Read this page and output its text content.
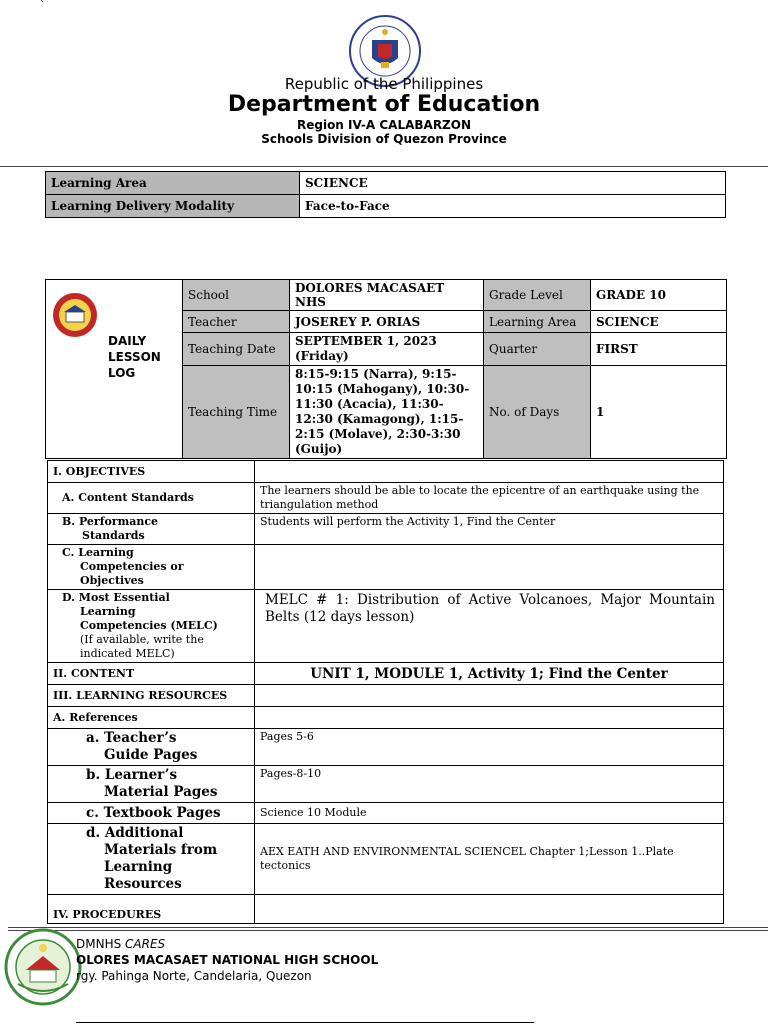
`
Republic of the Philippines
Department of Education
Region IV-A CALABARZON
Schools Division of Quezon Province
Learning Area	SCIENCE
Learning Delivery Modality	Face-to-Face
DAILY
LESSON
LOG	School	DOLORES MACASAET NHS	Grade Level	GRADE 10
	Teacher	JOSEREY P. ORIAS	Learning Area	SCIENCE
	Teaching Date	SEPTEMBER 1, 2023 (Friday)	Quarter	FIRST
	Teaching Time	8:15-9:15 (Narra), 9:15-10:15 (Mahogany), 10:30-11:30 (Acacia), 11:30-12:30 (Kamagong), 1:15-2:15 (Molave), 2:30-3:30 (Guijo)	No. of Days	1
I. OBJECTIVES	
A. Content Standards	The learners should be able to locate the epicentre of an earthquake using the triangulation method

B. Performance
Standards	Students will perform the Activity 1, Find the Center

C. Learning
Competencies or
Objectives	

D. Most Essential
Learning
Competencies (MELC)
(If available, write the
indicated MELC)	MELC # 1: Distribution of Active Volcanoes, Major Mountain Belts (12 days lesson)
II. CONTENT	UNIT 1, MODULE 1, Activity 1; Find the Center
III. LEARNING RESOURCES	
A. References	

a. Teacher’s
Guide Pages	Pages 5-6

b. Learner’s
Material Pages	Pages-8-10

c. Textbook Pages	Science 10 Module

d. Additional
Materials from
Learning
Resources	AEX EATH AND ENVIRONMENTAL SCIENCEL Chapter 1;Lesson 1..Plate tectonics
IV. PROCEDURES	
DMNHS CARES
OLORES MACASAET NATIONAL HIGH SCHOOL
rgy. Pahinga Norte, Candelaria, Quezon
